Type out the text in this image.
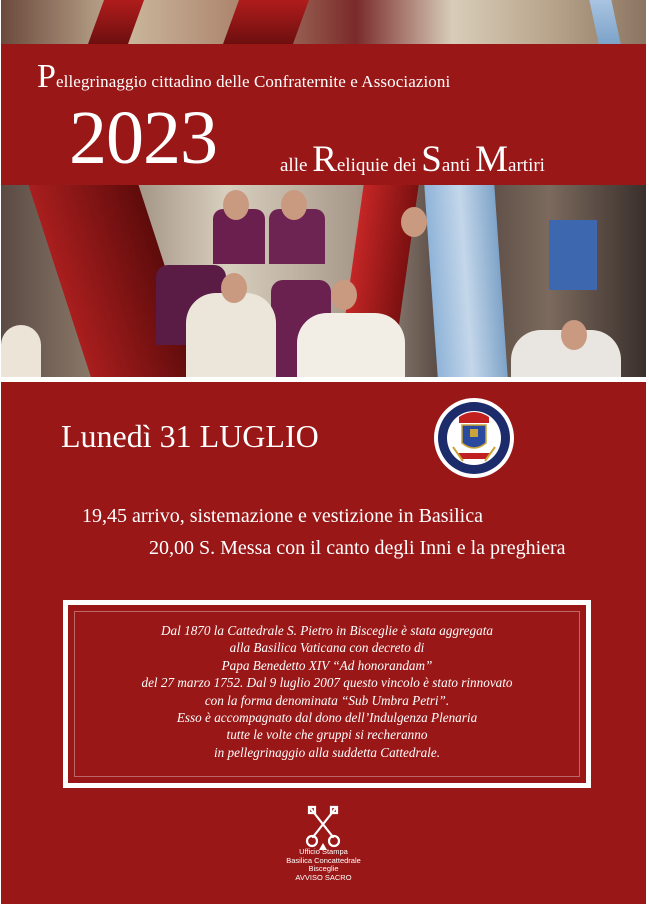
Pellegrinaggio cittadino delle Confraternite e Associazioni
2023	alle Reliquie dei Santi Martiri
Lunedì 31 LUGLIO
19,45 arrivo, sistemazione e vestizione in Basilica
20,00 S. Messa con il canto degli Inni e la preghiera
Dal 1870 la Cattedrale S. Pietro in Bisceglie è stata aggregata
alla Basilica Vaticana con decreto di
Papa Benedetto XIV “Ad honorandam”
del 27 marzo 1752. Dal 9 luglio 2007 questo vincolo è stato rinnovato
con la forma denominata “Sub Umbra Petri”.
Esso è accompagnato dal dono dell’Indulgenza Plenaria
tutte le volte che gruppi si recheranno
in pellegrinaggio alla suddetta Cattedrale.
Ufficio Stampa
Basilica Concattedrale
Bisceglie
AVVISO SACRO
